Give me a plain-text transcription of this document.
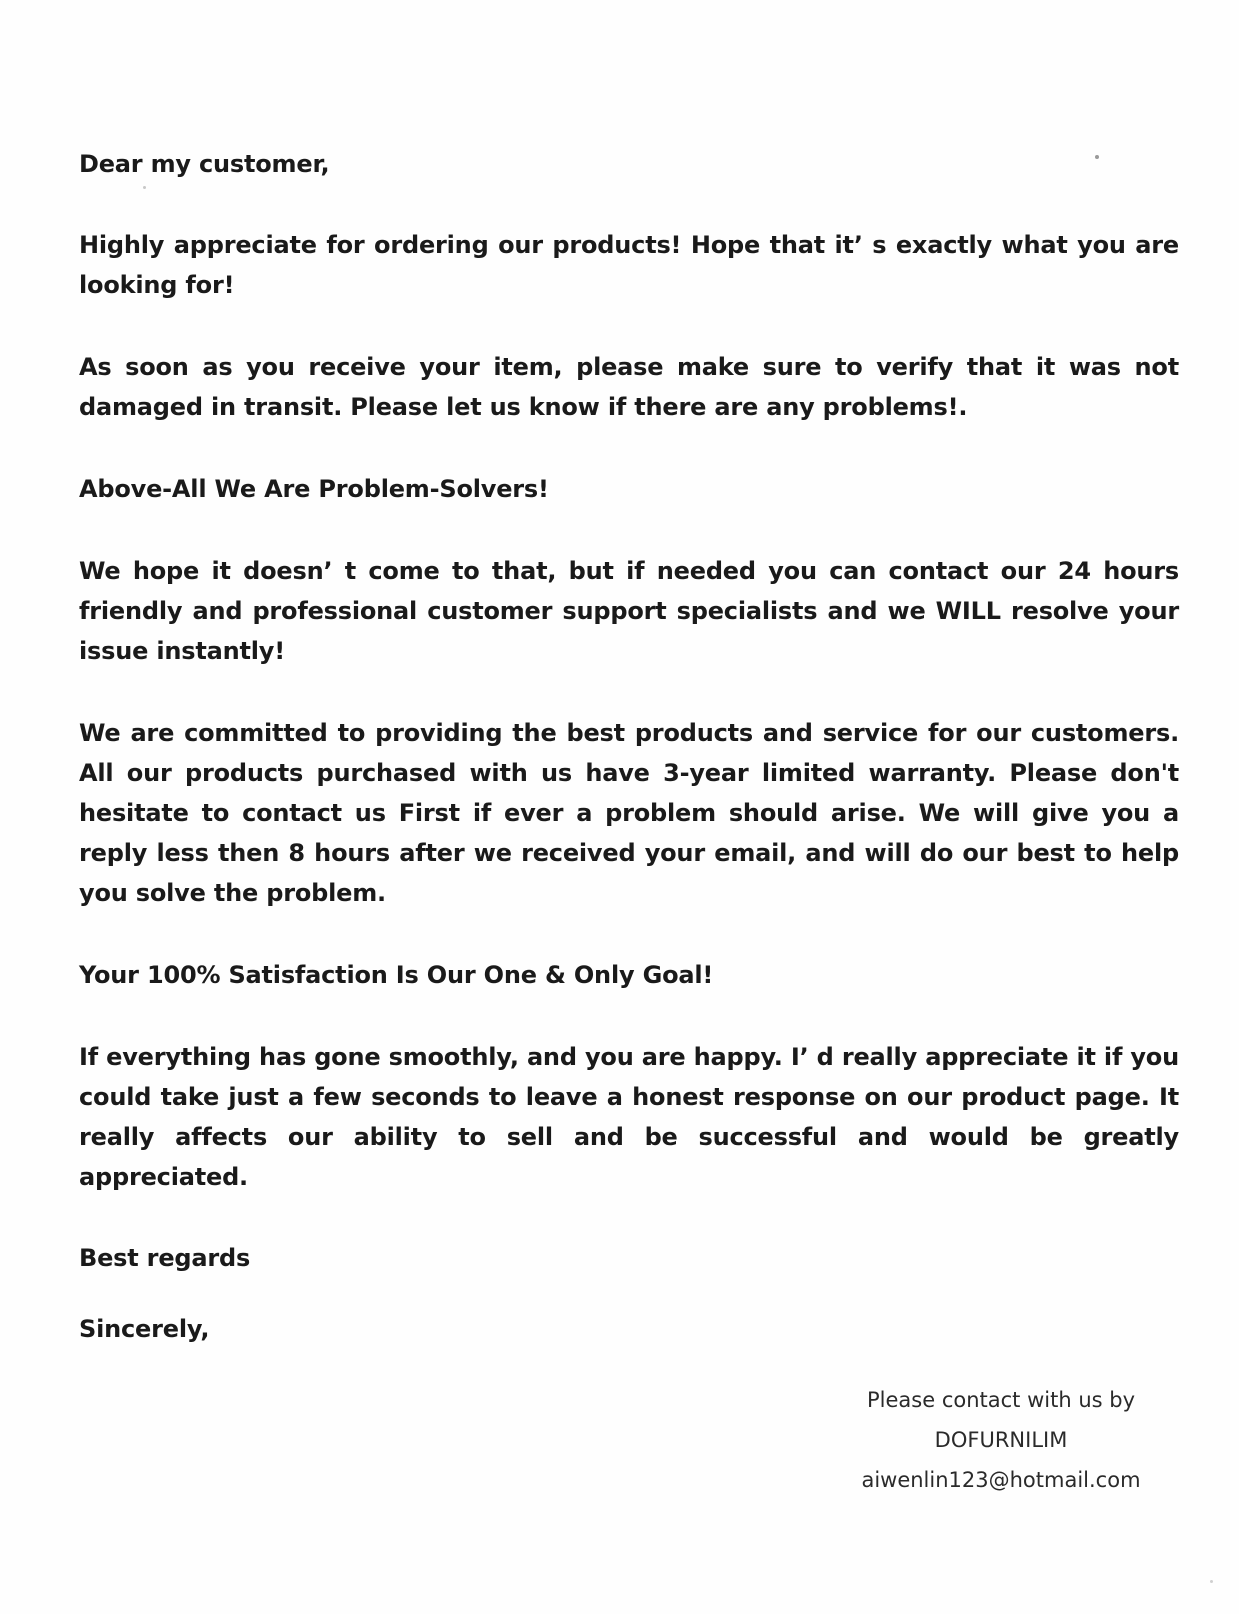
Dear my customer,

Highly appreciate for ordering our products! Hope that it’ s exactly what you are looking for!

As soon as you receive your item, please make sure to verify that it was not damaged in transit. Please let us know if there are any problems!.

Above-All We Are Problem-Solvers!

We hope it doesn’ t come to that, but if needed you can contact our 24 hours friendly and professional customer support specialists and we WILL resolve your issue instantly!

We are committed to providing the best products and service for our customers. All our products purchased with us have 3-year limited warranty. Please don't hesitate to contact us First if ever a problem should arise. We will give you a reply less then 8 hours after we received your email, and will do our best to help you solve the problem.

Your 100% Satisfaction Is Our One & Only Goal!

If everything has gone smoothly, and you are happy. I’ d really appreciate it if you could take just a few seconds to leave a honest response on our product page. It really affects our ability to sell and be successful and would be greatly appreciated.

Best regards

Sincerely,

Please contact with us by
DOFURNILIM
aiwenlin123@hotmail.com
